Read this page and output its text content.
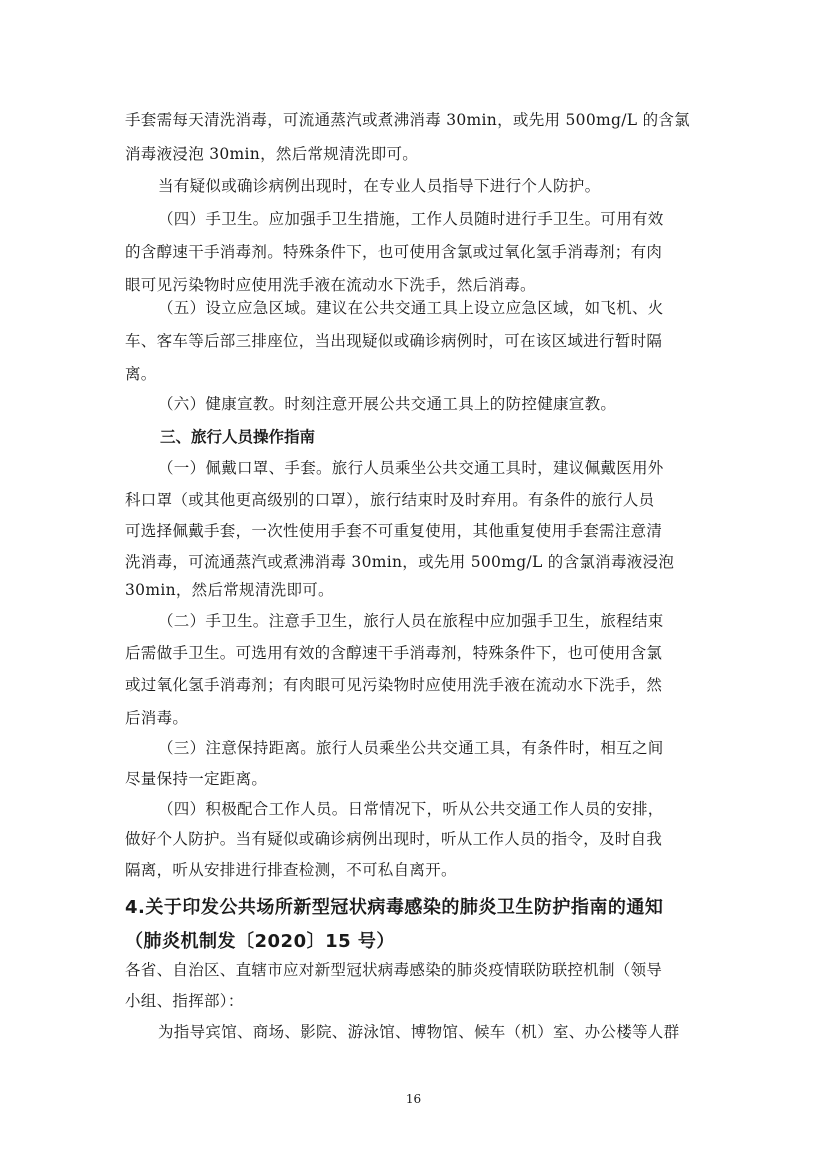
手套需每天清洗消毒，可流通蒸汽或煮沸消毒 30min，或先用 500mg/L 的含氯
消毒液浸泡 30min，然后常规清洗即可。
当有疑似或确诊病例出现时，在专业人员指导下进行个人防护。
（四）手卫生。应加强手卫生措施，工作人员随时进行手卫生。可用有效
的含醇速干手消毒剂。特殊条件下，也可使用含氯或过氧化氢手消毒剂；有肉
眼可见污染物时应使用洗手液在流动水下洗手，然后消毒。
（五）设立应急区域。建议在公共交通工具上设立应急区域，如飞机、火
车、客车等后部三排座位，当出现疑似或确诊病例时，可在该区域进行暂时隔
离。
（六）健康宣教。时刻注意开展公共交通工具上的防控健康宣教。
三、旅行人员操作指南
（一）佩戴口罩、手套。旅行人员乘坐公共交通工具时，建议佩戴医用外
科口罩（或其他更高级别的口罩），旅行结束时及时弃用。有条件的旅行人员
可选择佩戴手套，一次性使用手套不可重复使用，其他重复使用手套需注意清
洗消毒，可流通蒸汽或煮沸消毒 30min，或先用 500mg/L 的含氯消毒液浸泡
30min，然后常规清洗即可。
（二）手卫生。注意手卫生，旅行人员在旅程中应加强手卫生，旅程结束
后需做手卫生。可选用有效的含醇速干手消毒剂，特殊条件下，也可使用含氯
或过氧化氢手消毒剂；有肉眼可见污染物时应使用洗手液在流动水下洗手，然
后消毒。
（三）注意保持距离。旅行人员乘坐公共交通工具，有条件时，相互之间
尽量保持一定距离。
（四）积极配合工作人员。日常情况下，听从公共交通工作人员的安排，
做好个人防护。当有疑似或确诊病例出现时，听从工作人员的指令，及时自我
隔离，听从安排进行排查检测，不可私自离开。
4.关于印发公共场所新型冠状病毒感染的肺炎卫生防护指南的通知
（肺炎机制发〔2020〕15 号）
各省、自治区、直辖市应对新型冠状病毒感染的肺炎疫情联防联控机制（领导
小组、指挥部）：
为指导宾馆、商场、影院、游泳馆、博物馆、候车（机）室、办公楼等人群
16
